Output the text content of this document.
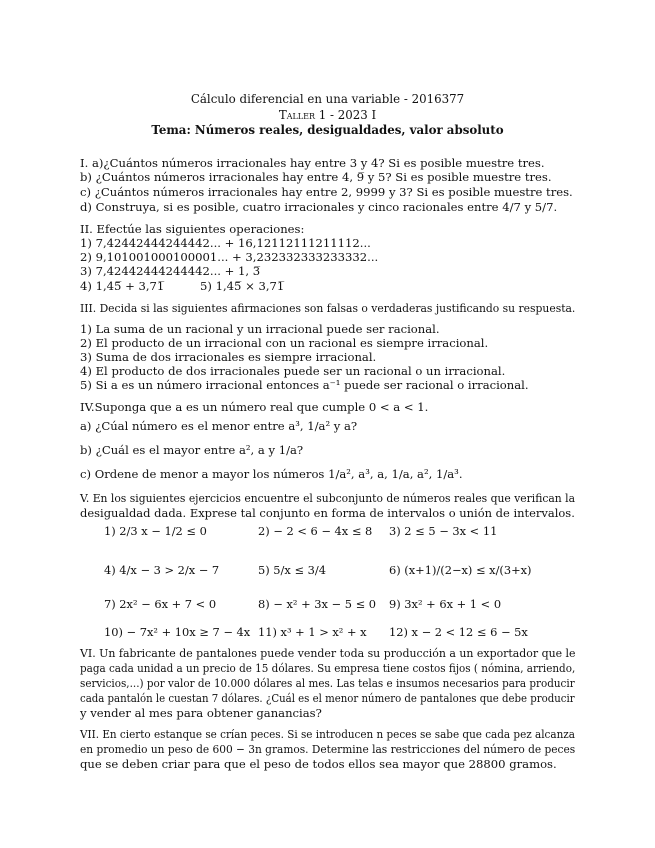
Cálculo diferencial en una variable - 2016377
Taller 1 - 2023 I
Tema: Números reales, desigualdades, valor absoluto
I. a)¿Cuántos números irracionales hay entre 3 y 4? Si es posible muestre tres.
b) ¿Cuántos números irracionales hay entre 4, 9̅ y 5? Si es posible muestre tres.
c) ¿Cuántos números irracionales hay entre 2, 9999 y 3? Si es posible muestre tres.
d) Construya, si es posible, cuatro irracionales y cinco racionales entre 4/7 y 5/7.
II. Efectúe las siguientes operaciones:
1) 7,42442444244442... + 16,12112111211112...
2) 9,101001000100001... + 3,232332333233332...
3) 7,42442444244442... + 1, 3̅
4) 1,45̅ + 3,71̅	5) 1,45̅ × 3,71̅
III. Decida si las siguientes afirmaciones son falsas o verdaderas justificando su respuesta.
1) La suma de un racional y un irracional puede ser racional.
2) El producto de un irracional con un racional es siempre irracional.
3) Suma de dos irracionales es siempre irracional.
4) El producto de dos irracionales puede ser un racional o un irracional.
5) Si a es un número irracional entonces a⁻¹ puede ser racional o irracional.
IV.Suponga que a es un número real que cumple 0 < a < 1.
a) ¿Cúal número es el menor entre a³, 1/a² y a?
b) ¿Cuál es el mayor entre a², a y 1/a?
c) Ordene de menor a mayor los números 1/a², a³, a, 1/a, a², 1/a³.
V. En los siguientes ejercicios encuentre el subconjunto de números reales que verifican la
desigualdad dada. Exprese tal conjunto en forma de intervalos o unión de intervalos.
1) 2/3 x − 1/2 ≤ 0	2) − 2 < 6 − 4x ≤ 8 3) 2 ≤ 5 − 3x < 11
4) 4/x − 3 > 2/x − 7	5) 5/x ≤ 3/4	6) (x+1)/(2−x) ≤ x/(3+x)
7) 2x² − 6x + 7 < 0	8) − x² + 3x − 5 ≤ 0 9) 3x² + 6x + 1 < 0
10) − 7x² + 10x ≥ 7 − 4x 11) x³ + 1 > x² + x 12) x − 2 < 12 ≤ 6 − 5x
VI. Un fabricante de pantalones puede vender toda su producción a un exportador que le
paga cada unidad a un precio de 15 dólares. Su empresa tiene costos fijos ( nómina, arriendo,
servicios,...) por valor de 10.000 dólares al mes. Las telas e insumos necesarios para producir
cada pantalón le cuestan 7 dólares. ¿Cuál es el menor número de pantalones que debe producir
y vender al mes para obtener ganancias?
VII. En cierto estanque se crían peces. Si se introducen n peces se sabe que cada pez alcanza
en promedio un peso de 600 − 3n gramos. Determine las restricciones del número de peces
que se deben criar para que el peso de todos ellos sea mayor que 28800 gramos.
